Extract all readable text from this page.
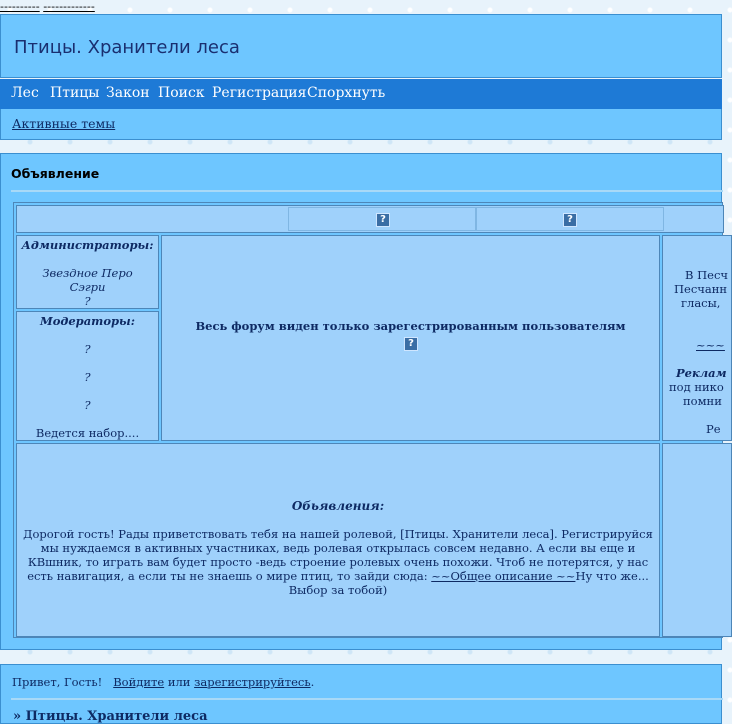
---------- -------------
Птицы. Хранители леса
Лес Птицы Закон Поиск Регистрация Спорхнуть
Активные темы
Объявление
?	?
Администраторы:
Звездное Перо
Сэгри
?
Модераторы:
?
?
?
Ведется набор....
Весь форум виден только зарегестрированным пользователям
?
В Песч
Песчанн
гласы,
~~~
Реклам
под нико
помни
Ре
Обьявления:
Дорогой гость! Рады приветствовать тебя на нашей ролевой, [Птицы. Хранители леса]. Регистрируйся мы нуждаемся в активных участниках, ведь ролевая открылась совсем недавно. А если вы еще и КВшник, то играть вам будет просто -ведь строение ролевых очень похожи. Чтоб не потерятся, у нас есть навигация, а если ты не знаешь о мире птиц, то зайди сюда: ~~Общее описание ~~Ну что же... Выбор за тобой)
Привет, Гость! Войдите или зарегистрируйтесь.
» Птицы. Хранители леса
